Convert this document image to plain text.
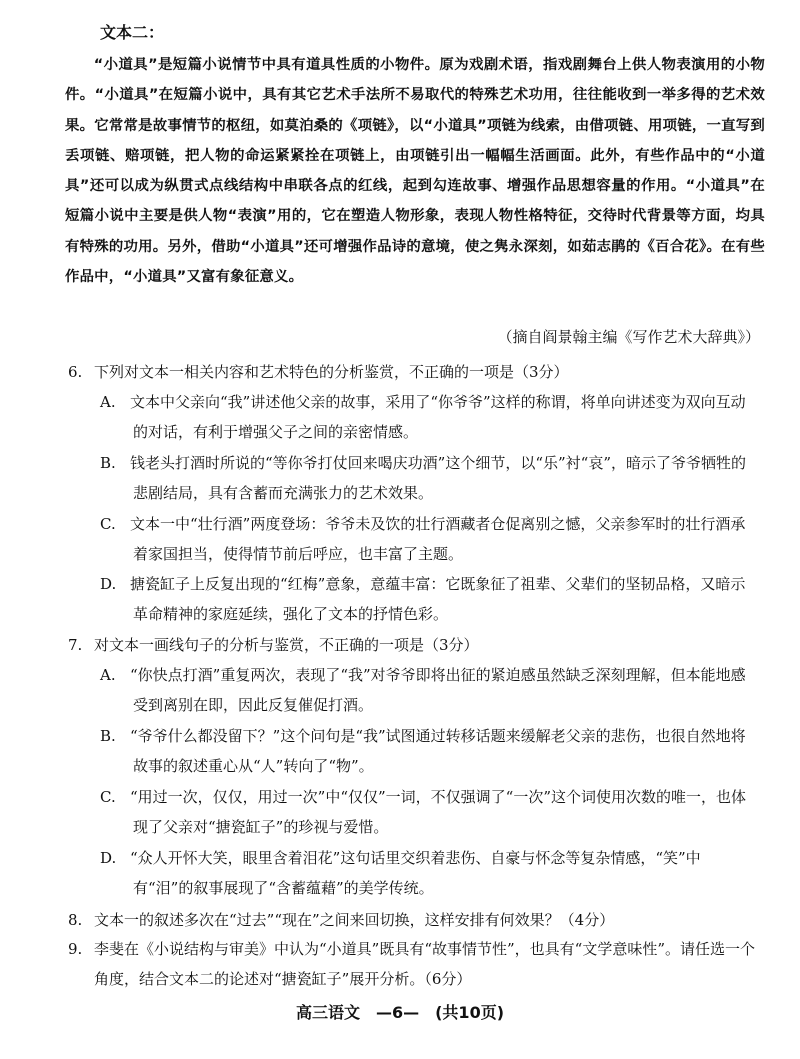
文本二：
“小道具”是短篇小说情节中具有道具性质的小物件。原为戏剧术语，指戏剧舞台上供人物表演用的小物件。“小道具”在短篇小说中，具有其它艺术手法所不易取代的特殊艺术功用，往往能收到一举多得的艺术效果。它常常是故事情节的枢纽，如莫泊桑的《项链》，以“小道具”项链为线索，由借项链、用项链，一直写到丢项链、赔项链，把人物的命运紧紧拴在项链上，由项链引出一幅幅生活画面。此外，有些作品中的“小道具”还可以成为纵贯式点线结构中串联各点的红线，起到勾连故事、增强作品思想容量的作用。“小道具”在短篇小说中主要是供人物“表演”用的，它在塑造人物形象，表现人物性格特征，交待时代背景等方面，均具有特殊的功用。另外，借助“小道具”还可增强作品诗的意境，使之隽永深刻，如茹志鹃的《百合花》。在有些作品中，“小道具”又富有象征意义。
（摘自阎景翰主编《写作艺术大辞典》）
6. 下列对文本一相关内容和艺术特色的分析鉴赏，不正确的一项是（3分）
A. 文本中父亲向“我”讲述他父亲的故事，采用了“你爷爷”这样的称谓，将单向讲述变为双向互动的对话，有利于增强父子之间的亲密情感。
B. 钱老头打酒时所说的“等你爷打仗回来喝庆功酒”这个细节，以“乐”衬“哀”，暗示了爷爷牺牲的悲剧结局，具有含蓄而充满张力的艺术效果。
C. 文本一中“壮行酒”两度登场：爷爷未及饮的壮行酒藏者仓促离别之憾，父亲参军时的壮行酒承着家国担当，使得情节前后呼应，也丰富了主题。
D. 搪瓷缸子上反复出现的“红梅”意象，意蕴丰富：它既象征了祖辈、父辈们的坚韧品格，又暗示革命精神的家庭延续，强化了文本的抒情色彩。
7. 对文本一画线句子的分析与鉴赏，不正确的一项是（3分）
A. “你快点打酒”重复两次，表现了“我”对爷爷即将出征的紧迫感虽然缺乏深刻理解，但本能地感受到离别在即，因此反复催促打酒。
B. “爷爷什么都没留下？”这个问句是“我”试图通过转移话题来缓解老父亲的悲伤，也很自然地将故事的叙述重心从“人”转向了“物”。
C. “用过一次，仅仅，用过一次”中“仅仅”一词，不仅强调了“一次”这个词使用次数的唯一，也体现了父亲对“搪瓷缸子”的珍视与爱惜。
D. “众人开怀大笑，眼里含着泪花”这句话里交织着悲伤、自豪与怀念等复杂情感，“笑”中有“泪”的叙事展现了“含蓄蕴藉”的美学传统。
8. 文本一的叙述多次在“过去”“现在”之间来回切换，这样安排有何效果？（4分）
9. 李斐在《小说结构与审美》中认为“小道具”既具有“故事情节性”，也具有“文学意味性”。请任选一个角度，结合文本二的论述对“搪瓷缸子”展开分析。（6分）
高三语文　—6—　(共10页)
